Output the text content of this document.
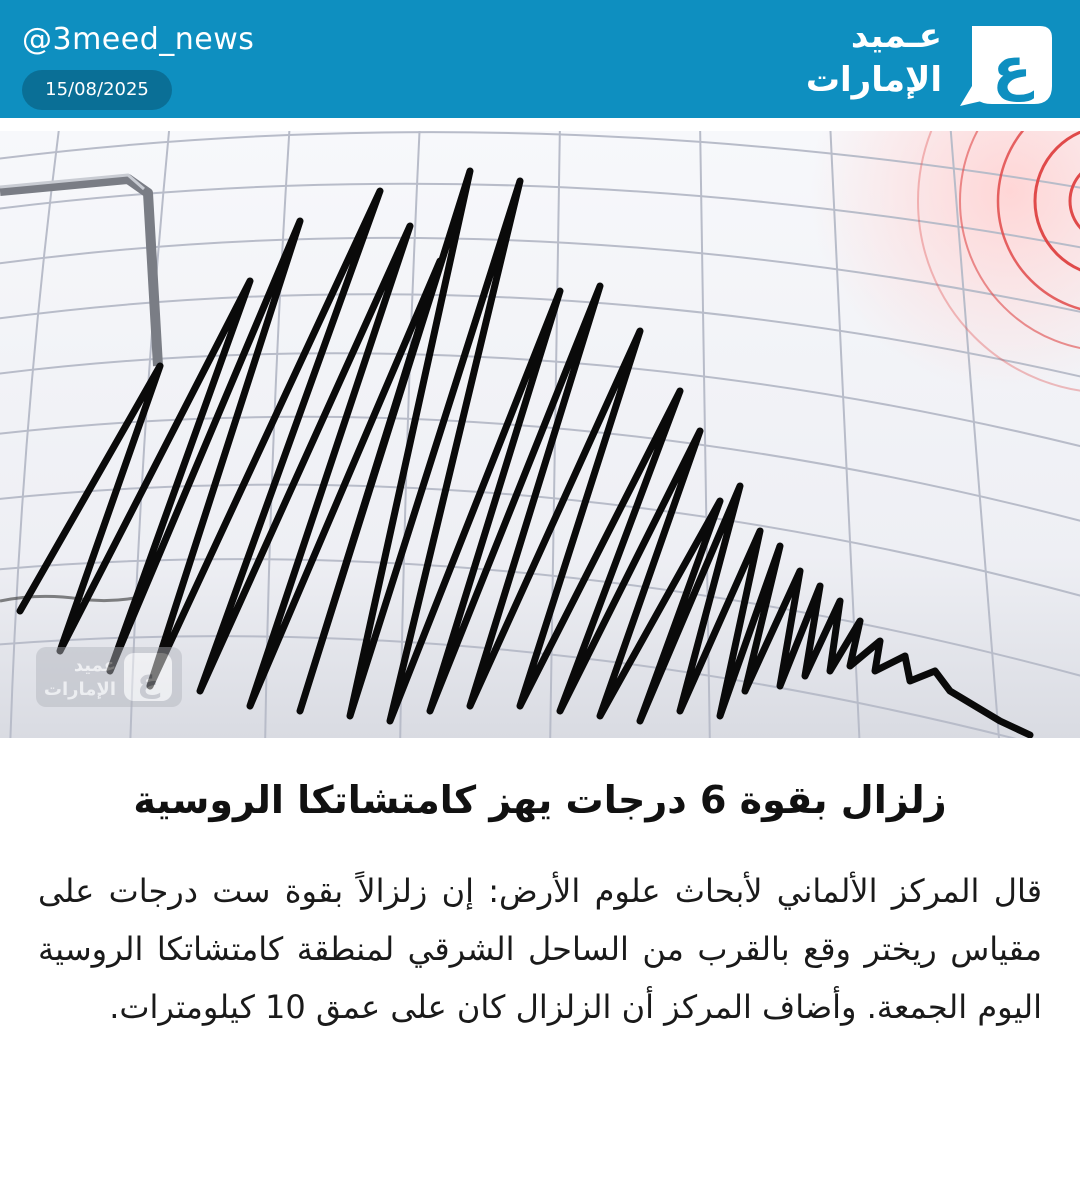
@3meed_news
15/08/2025
عـميد
الإمارات ع
عميد
الإمارات ع
زلزال بقوة 6 درجات يهز كامتشاتكا الروسية

قال المركز الألماني لأبحاث علوم الأرض: إن زلزالاً بقوة ست درجات على مقياس ريختر وقع بالقرب من الساحل الشرقي لمنطقة كامتشاتكا الروسية اليوم الجمعة. وأضاف المركز أن الزلزال كان على عمق 10 كيلومترات.
